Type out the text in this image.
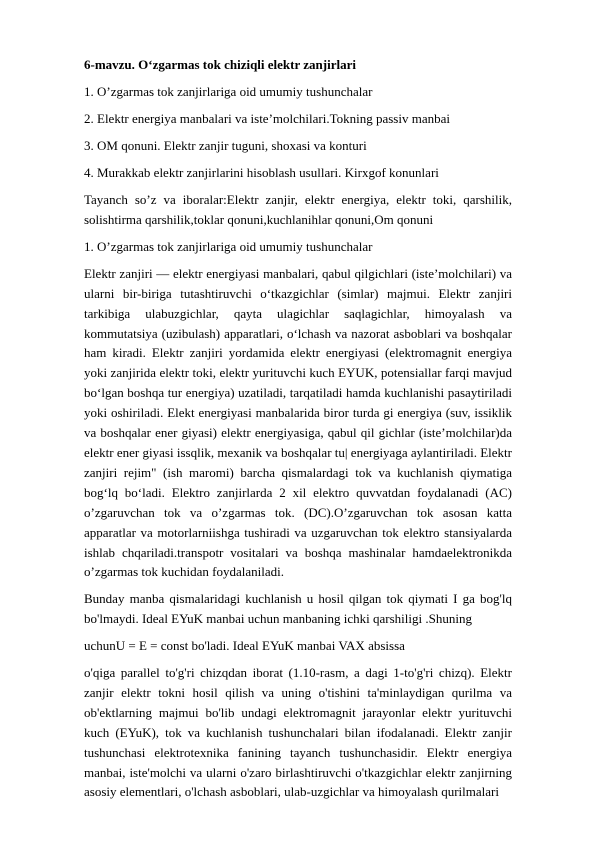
6-mavzu. O‘zgarmas tok chiziqli elektr zanjirlari
1. O’zgarmas tok zanjirlariga oid umumiy tushunchalar
2. Elektr energiya manbalari va iste’molchilari.Tokning passiv manbai
3. OM qonuni. Elektr zanjir tuguni, shoxasi va konturi
4. Murakkab elektr zanjirlarini hisoblash usullari. Kirxgof konunlari
Tayanch so’z va iboralar:Elektr zanjir, elektr energiya, elektr toki, qarshilik, solishtirma qarshilik,toklar qonuni,kuchlanihlar qonuni,Om qonuni
1. O’zgarmas tok zanjirlariga oid umumiy tushunchalar
Elektr zanjiri — elektr energiyasi manbalari, qabul qilgichlari (iste’molchilari) va ularni bir-biriga tutashtiruvchi o‘tkazgichlar (simlar) majmui. Elektr zanjiri tarkibiga ulabuzgichlar, qayta ulagichlar saqlagichlar, himoyalash va kommutatsiya (uzibulash) apparatlari, o‘lchash va nazorat asboblari va boshqalar ham kiradi. Elektr zanjiri yordamida elektr energiyasi (elektromagnit energiya yoki zanjirida elektr toki, elektr yurituvchi kuch EYUK, potensiallar farqi mavjud bo‘lgan boshqa tur energiya) uzatiladi, tarqatiladi hamda kuchlanishi pasaytiriladi yoki oshiriladi. Elekt energiyasi manbalarida biror turda gi energiya (suv, issiklik va boshqalar ener giyasi) elektr energiyasiga, qabul qil gichlar (iste’molchilar)da elektr ener giyasi issqlik, mexanik va boshqalar tu| energiyaga aylantiriladi. Elektr zanjiri rejim" (ish maromi) barcha qismalardagi tok va kuchlanish qiymatiga bog‘lq bo‘ladi. Elektro zanjirlarda 2 xil elektro quvvatdan foydalanadi (AC) o’zgaruvchan tok va o’zgarmas tok. (DC).O’zgaruvchan tok asosan katta apparatlar va motorlarniishga tushiradi va uzgaruvchan tok elektro stansiyalarda ishlab chqariladi.transpotr vositalari va boshqa mashinalar hamdaelektronikda o’zgarmas tok kuchidan foydalaniladi.
Bunday manba qismalaridagi kuchlanish u hosil qilgan tok qiymati I ga bog'lq bo'lmaydi. Ideal EYuK manbai uchun manbaning ichki qarshiligi .Shuning
uchunU = E = const bo'ladi. Ideal EYuK manbai VAX absissa
o'qiga parallel to'g'ri chizqdan iborat (1.10-rasm, a dagi 1-to'g'ri chizq). Elektr zanjir elektr tokni hosil qilish va uning o'tishini ta'minlaydigan qurilma va ob'ektlarning majmui bo'lib undagi elektromagnit jarayonlar elektr yurituvchi kuch (EYuK), tok va kuchlanish tushunchalari bilan ifodalanadi. Elektr zanjir tushunchasi elektrotexnika fanining tayanch tushunchasidir. Elektr energiya manbai, iste'molchi va ularni o'zaro birlashtiruvchi o'tkazgichlar elektr zanjirning asosiy elementlari, o'lchash asboblari, ulab-uzgichlar va himoyalash qurilmalari
